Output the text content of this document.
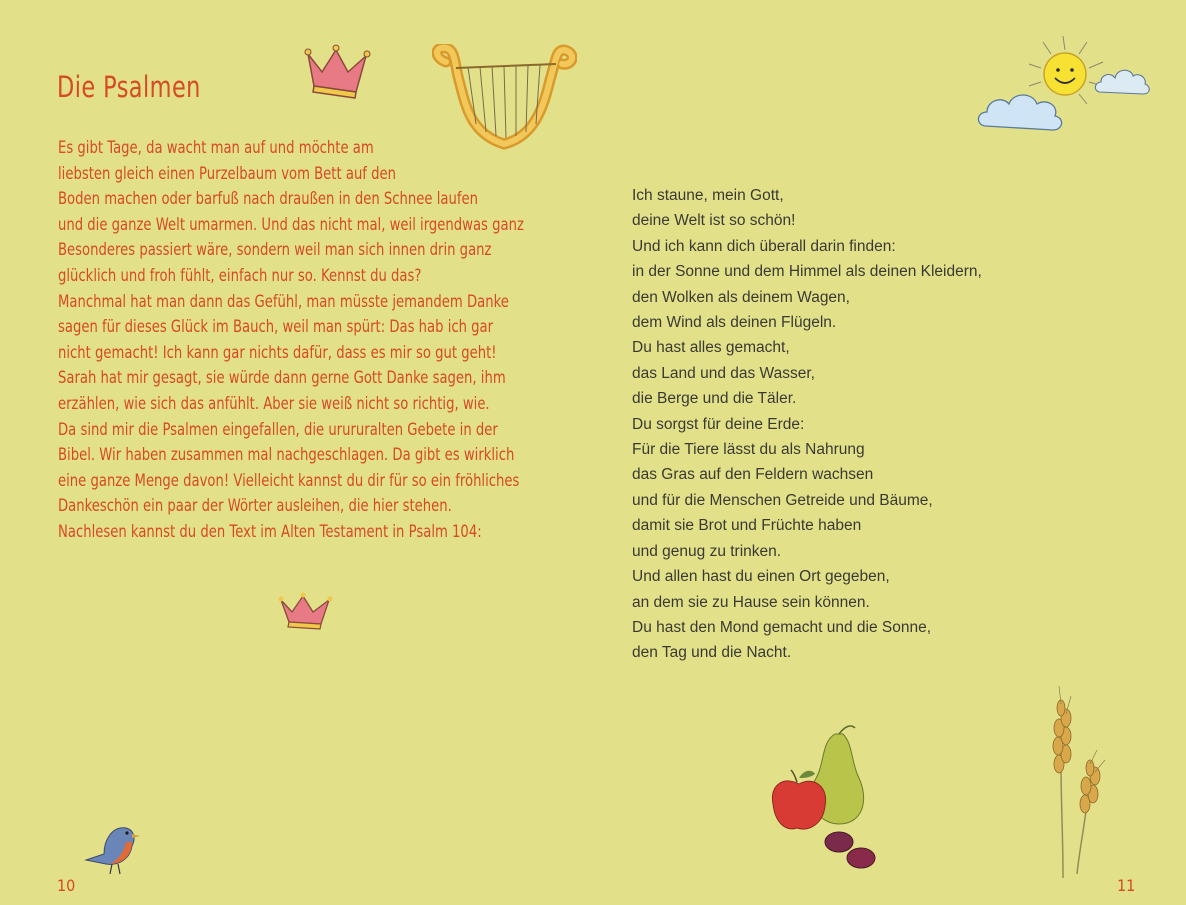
Die Psalmen
Es gibt Tage, da wacht man auf und möchte am
liebsten gleich einen Purzelbaum vom Bett auf den
Boden machen oder barfuß nach draußen in den Schnee laufen
und die ganze Welt umarmen. Und das nicht mal, weil irgendwas ganz
Besonderes passiert wäre, sondern weil man sich innen drin ganz
glücklich und froh fühlt, einfach nur so. Kennst du das?
Manchmal hat man dann das Gefühl, man müsste jemandem Danke
sagen für dieses Glück im Bauch, weil man spürt: Das hab ich gar
nicht gemacht! Ich kann gar nichts dafür, dass es mir so gut geht!
Sarah hat mir gesagt, sie würde dann gerne Gott Danke sagen, ihm
erzählen, wie sich das anfühlt. Aber sie weiß nicht so richtig, wie.
Da sind mir die Psalmen eingefallen, die urururalten Gebete in der
Bibel. Wir haben zusammen mal nachgeschlagen. Da gibt es wirklich
eine ganze Menge davon! Vielleicht kannst du dir für so ein fröhliches
Dankeschön ein paar der Wörter ausleihen, die hier stehen.
Nachlesen kannst du den Text im Alten Testament in Psalm 104:
10
Ich staune, mein Gott,
deine Welt ist so schön!
Und ich kann dich überall darin finden:
in der Sonne und dem Himmel als deinen Kleidern,
den Wolken als deinem Wagen,
dem Wind als deinen Flügeln.
Du hast alles gemacht,
das Land und das Wasser,
die Berge und die Täler.
Du sorgst für deine Erde:
Für die Tiere lässt du als Nahrung
das Gras auf den Feldern wachsen
und für die Menschen Getreide und Bäume,
damit sie Brot und Früchte haben
und genug zu trinken.
Und allen hast du einen Ort gegeben,
an dem sie zu Hause sein können.
Du hast den Mond gemacht und die Sonne,
den Tag und die Nacht.
11
